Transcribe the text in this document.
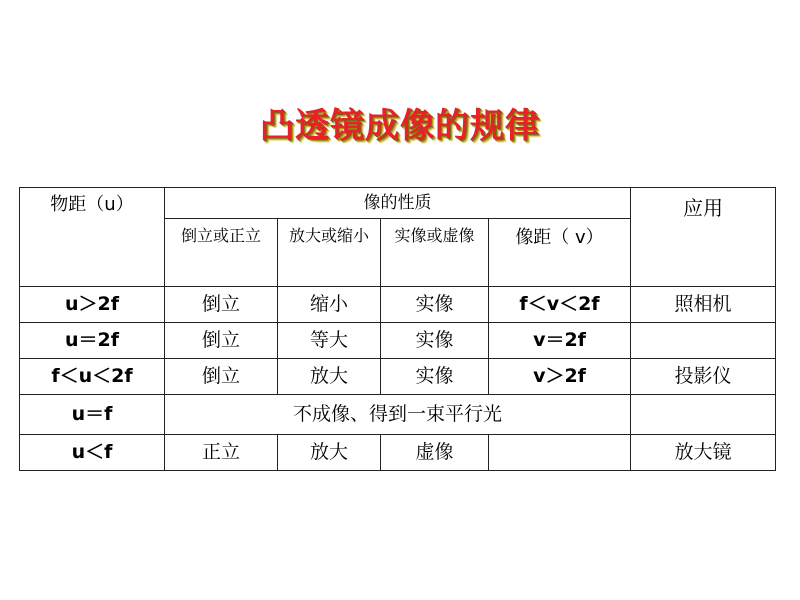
凸透镜成像的规律
物距（u）	像的性质				应用
	倒立或正立	放大或缩小	实像或虚像	像距（ v）	
u＞2f	倒立	缩小	实像	f＜v＜2f	照相机
u＝2f	倒立	等大	实像	v＝2f	
f＜u＜2f	倒立	放大	实像	v＞2f	投影仪
u＝f	不成像、得到一束平行光				
u＜f	正立	放大	虚像		放大镜
